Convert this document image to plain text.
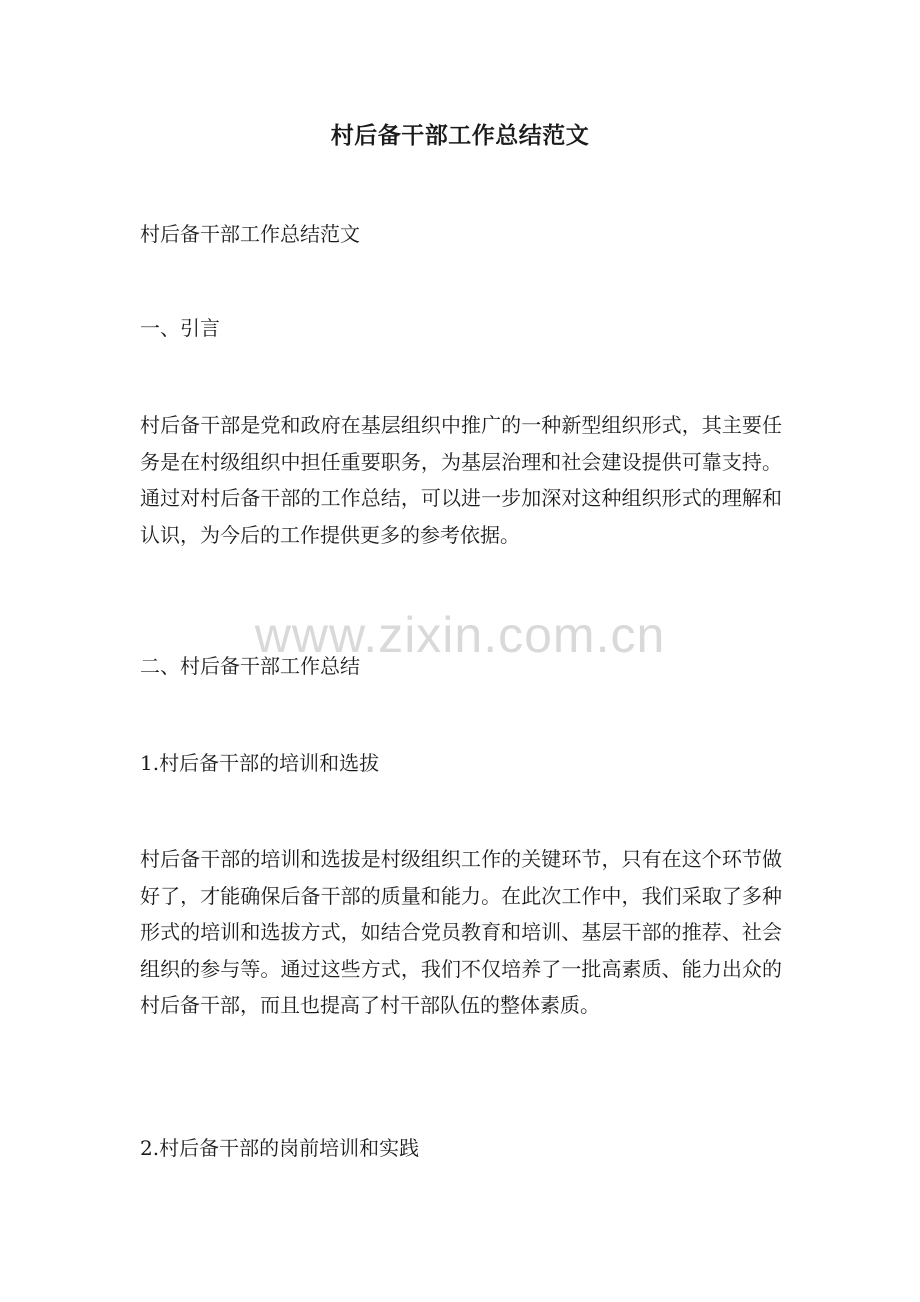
村后备干部工作总结范文
村后备干部工作总结范文
一、引言
村后备干部是党和政府在基层组织中推广的一种新型组织形式，其主要任务是在村级组织中担任重要职务，为基层治理和社会建设提供可靠支持。通过对村后备干部的工作总结，可以进一步加深对这种组织形式的理解和认识，为今后的工作提供更多的参考依据。
二、村后备干部工作总结
1.村后备干部的培训和选拔
村后备干部的培训和选拔是村级组织工作的关键环节，只有在这个环节做好了，才能确保后备干部的质量和能力。在此次工作中，我们采取了多种形式的培训和选拔方式，如结合党员教育和培训、基层干部的推荐、社会组织的参与等。通过这些方式，我们不仅培养了一批高素质、能力出众的村后备干部，而且也提高了村干部队伍的整体素质。
2.村后备干部的岗前培训和实践
www.zixin.com.cn
